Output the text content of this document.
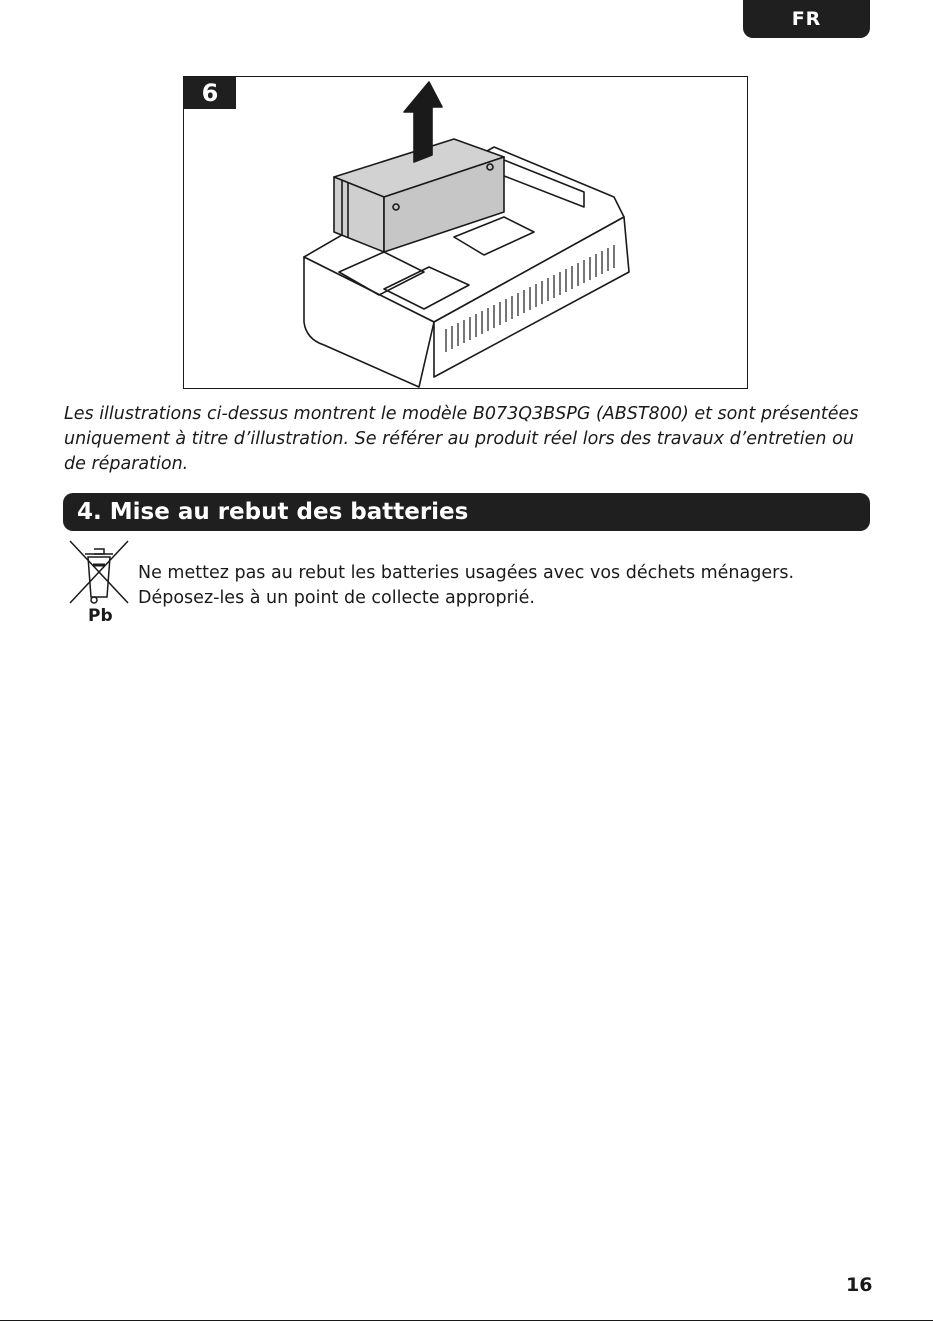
FR
6

Les illustrations ci-dessus montrent le modèle B073Q3BSPG (ABST800) et sont présentées uniquement à titre d’illustration. Se référer au produit réel lors des travaux d’entretien ou de réparation.

4. Mise au rebut des batteries
Pb

Ne mettez pas au rebut les batteries usagées avec vos déchets ménagers.
Déposez-les à un point de collecte approprié.

16
